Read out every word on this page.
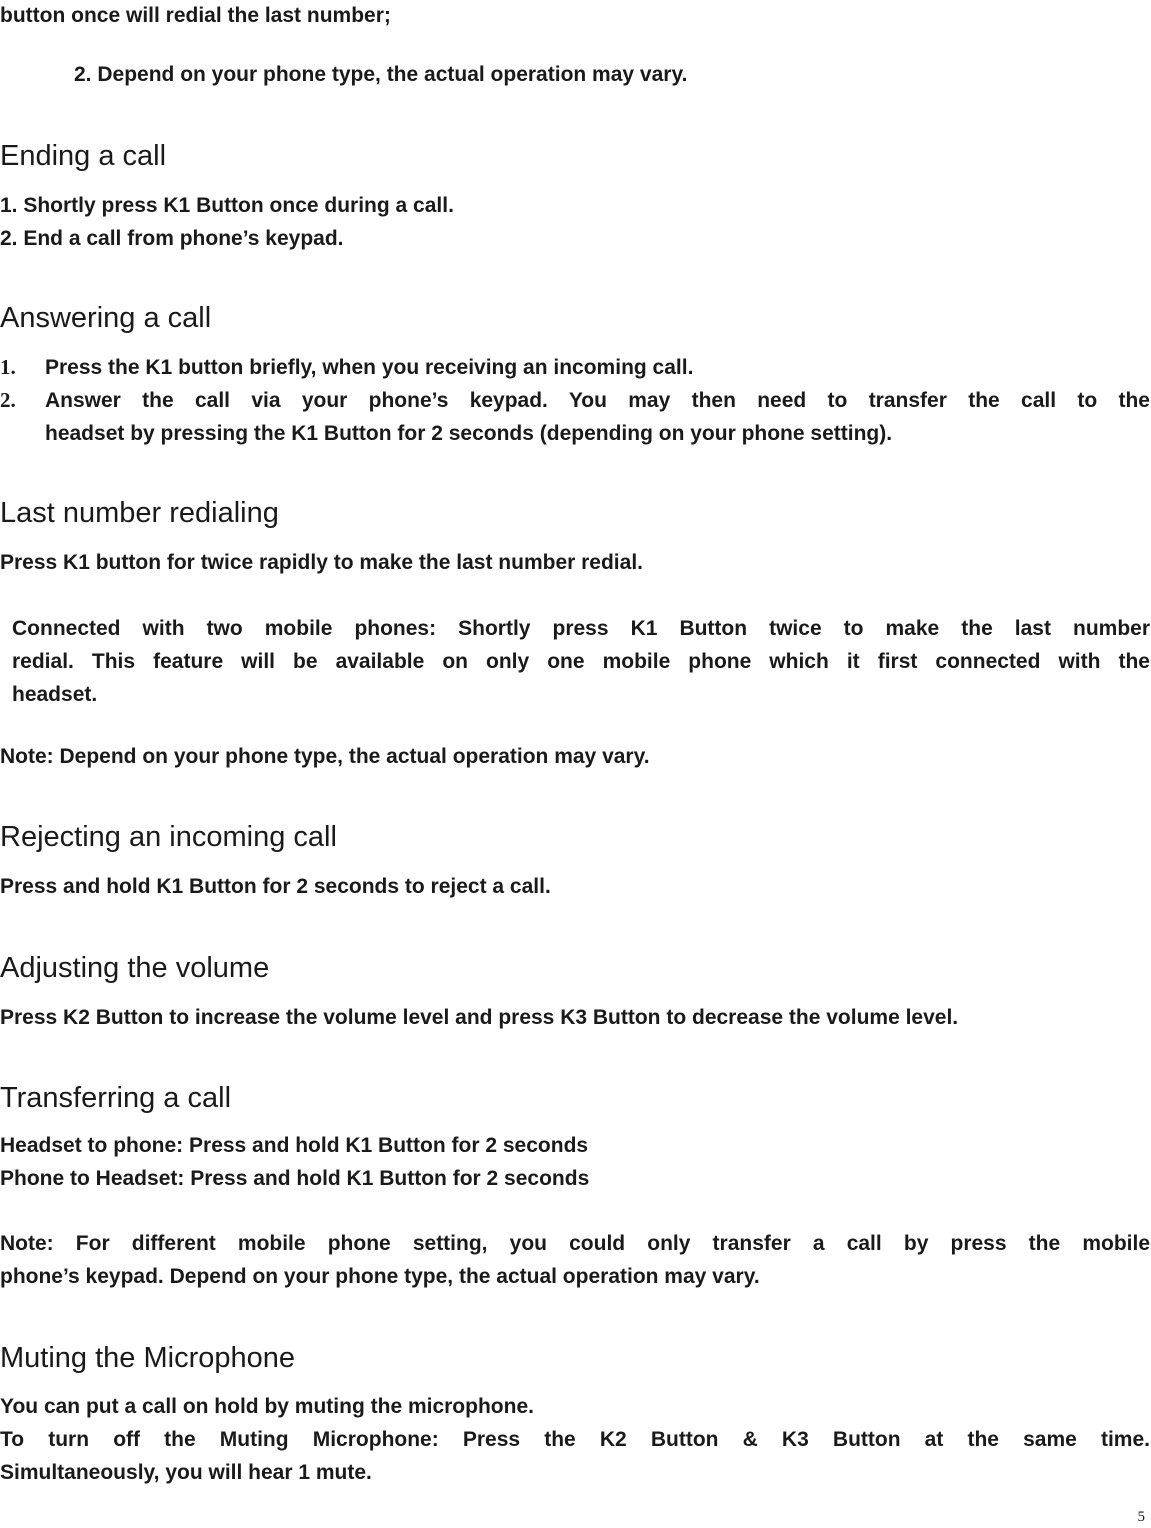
button once will redial the last number;

2. Depend on your phone type, the actual operation may vary.

Ending a call

1. Shortly press K1 Button once during a call.

2. End a call from phone’s keypad.

Answering a call
1. Press the K1 button briefly, when you receiving an incoming call.

2. Answer the call via your phone’s keypad. You may then need to transfer the call to the

headset by pressing the K1 Button for 2 seconds (depending on your phone setting).

Last number redialing

Press K1 button for twice rapidly to make the last number redial.

Connected with two mobile phones: Shortly press K1 Button twice to make the last number

redial. This feature will be available on only one mobile phone which it first connected with the

headset.

Note: Depend on your phone type, the actual operation may vary.

Rejecting an incoming call

Press and hold K1 Button for 2 seconds to reject a call.

Adjusting the volume

Press K2 Button to increase the volume level and press K3 Button to decrease the volume level.

Transferring a call

Headset to phone: Press and hold K1 Button for 2 seconds

Phone to Headset: Press and hold K1 Button for 2 seconds

Note: For different mobile phone setting, you could only transfer a call by press the mobile

phone’s keypad. Depend on your phone type, the actual operation may vary.

Muting the Microphone

You can put a call on hold by muting the microphone.

To turn off the Muting Microphone: Press the K2 Button & K3 Button at the same time.

Simultaneously, you will hear 1 mute.

5
